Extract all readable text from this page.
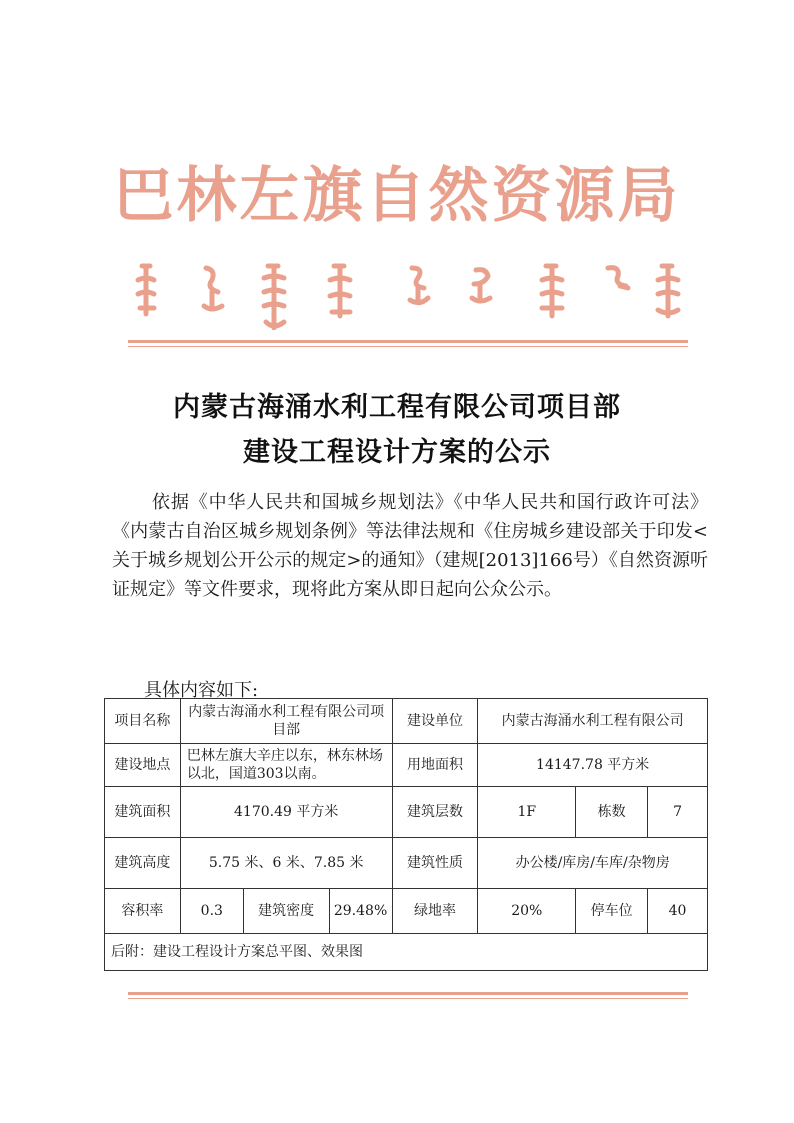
巴林左旗自然资源局
内蒙古海涌水利工程有限公司项目部
建设工程设计方案的公示

依据《中华人民共和国城乡规划法》《中华人民共和国行政许可法》《内蒙古自治区城乡规划条例》等法律法规和《住房城乡建设部关于印发<关于城乡规划公开公示的规定>的通知》（建规[2013]166号）《自然资源听证规定》等文件要求，现将此方案从即日起向公众公示。

具体内容如下:
项目名称	内蒙古海涌水利工程有限公司项目部			建设单位	内蒙古海涌水利工程有限公司		
建设地点	巴林左旗大辛庄以东，林东林场以北，国道303以南。			用地面积	14147.78 平方米		
建筑面积	4170.49 平方米			建筑层数	1F	栋数	7
建筑高度	5.75 米、6 米、7.85 米			建筑性质	办公楼/库房/车库/杂物房		
容积率	0.3	建筑密度	29.48%	绿地率	20%	停车位	40
后附：建设工程设计方案总平图、效果图							
